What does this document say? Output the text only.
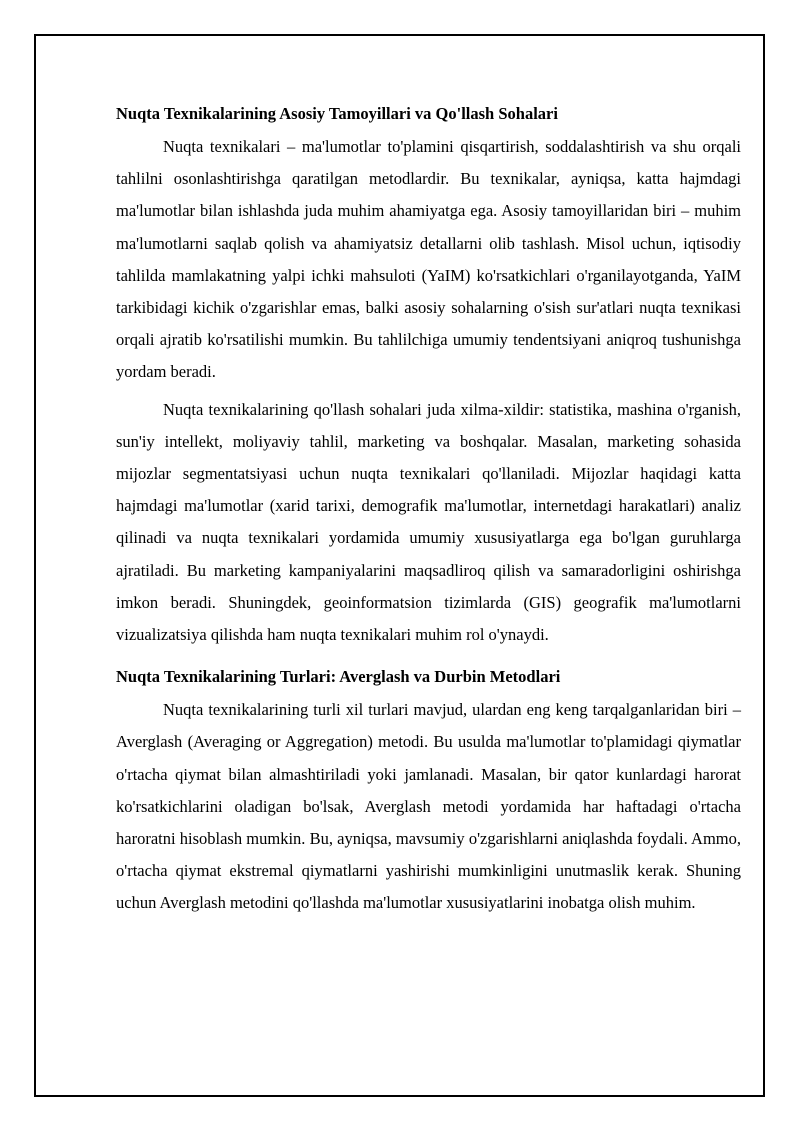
Nuqta Texnikalarining Asosiy Tamoyillari va Qo'llash Sohalari

Nuqta texnikalari – ma'lumotlar to'plamini qisqartirish, soddalashtirish va shu orqali tahlilni osonlashtirishga qaratilgan metodlardir. Bu texnikalar, ayniqsa, katta hajmdagi ma'lumotlar bilan ishlashda juda muhim ahamiyatga ega. Asosiy tamoyillaridan biri – muhim ma'lumotlarni saqlab qolish va ahamiyatsiz detallarni olib tashlash. Misol uchun, iqtisodiy tahlilda mamlakatning yalpi ichki mahsuloti (YaIM) ko'rsatkichlari o'rganilayotganda, YaIM tarkibidagi kichik o'zgarishlar emas, balki asosiy sohalarning o'sish sur'atlari nuqta texnikasi orqali ajratib ko'rsatilishi mumkin. Bu tahlilchiga umumiy tendentsiyani aniqroq tushunishga yordam beradi.

Nuqta texnikalarining qo'llash sohalari juda xilma-xildir: statistika, mashina o'rganish, sun'iy intellekt, moliyaviy tahlil, marketing va boshqalar. Masalan, marketing sohasida mijozlar segmentatsiyasi uchun nuqta texnikalari qo'llaniladi. Mijozlar haqidagi katta hajmdagi ma'lumotlar (xarid tarixi, demografik ma'lumotlar, internetdagi harakatlari) analiz qilinadi va nuqta texnikalari yordamida umumiy xususiyatlarga ega bo'lgan guruhlarga ajratiladi. Bu marketing kampaniyalarini maqsadliroq qilish va samaradorligini oshirishga imkon beradi. Shuningdek, geoinformatsion tizimlarda (GIS) geografik ma'lumotlarni vizualizatsiya qilishda ham nuqta texnikalari muhim rol o'ynaydi.

Nuqta Texnikalarining Turlari: Averglash va Durbin Metodlari

Nuqta texnikalarining turli xil turlari mavjud, ulardan eng keng tarqalganlaridan biri – Averglash (Averaging or Aggregation) metodi. Bu usulda ma'lumotlar to'plamidagi qiymatlar o'rtacha qiymat bilan almashtiriladi yoki jamlanadi. Masalan, bir qator kunlardagi harorat ko'rsatkichlarini oladigan bo'lsak, Averglash metodi yordamida har haftadagi o'rtacha haroratni hisoblash mumkin. Bu, ayniqsa, mavsumiy o'zgarishlarni aniqlashda foydali. Ammo, o'rtacha qiymat ekstremal qiymatlarni yashirishi mumkinligini unutmaslik kerak. Shuning uchun Averglash metodini qo'llashda ma'lumotlar xususiyatlarini inobatga olish muhim.
